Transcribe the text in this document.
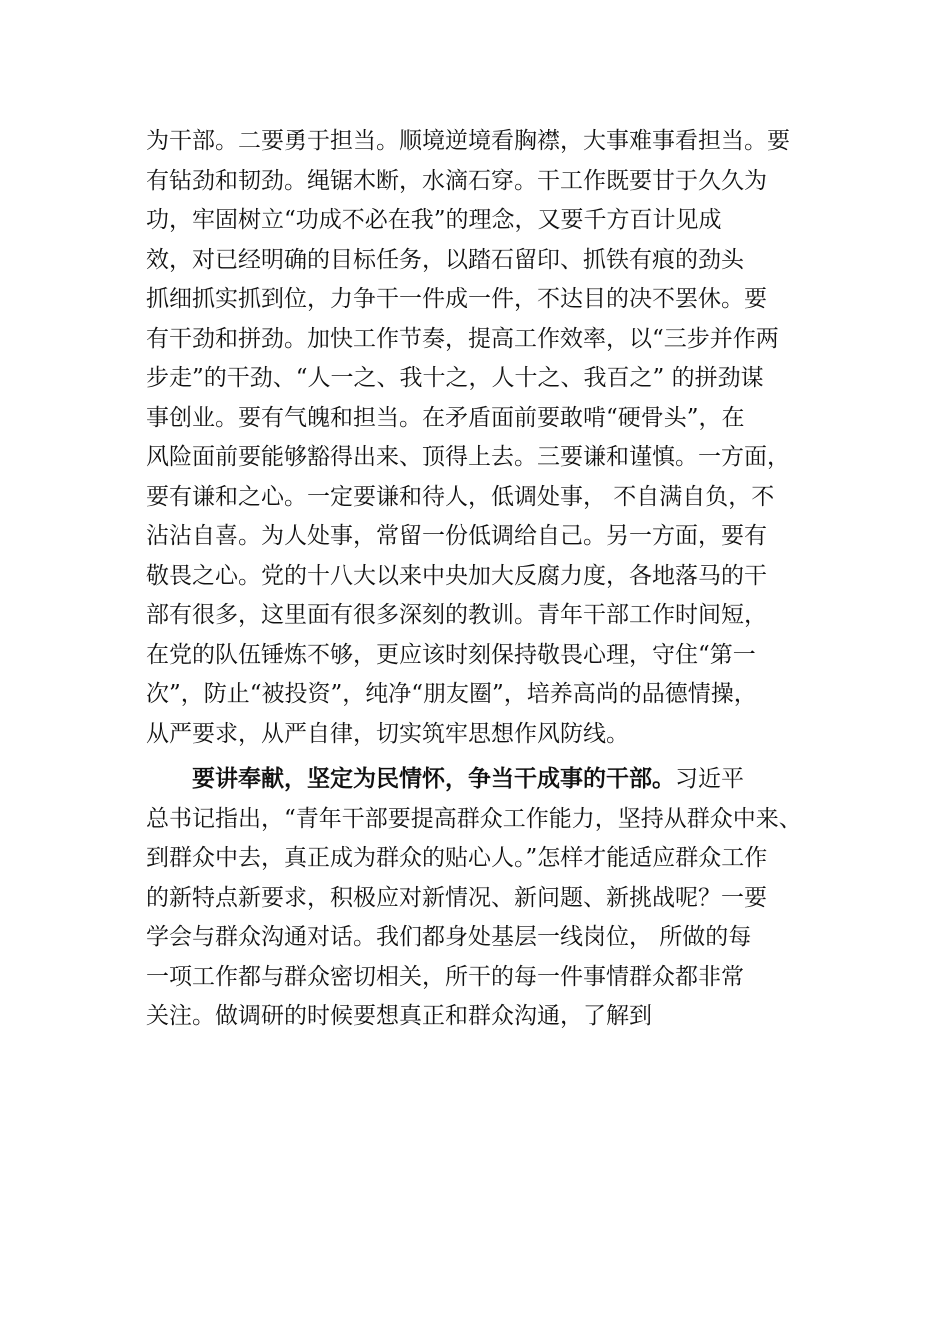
为干部。二要勇于担当。顺境逆境看胸襟，大事难事看担当。要
有钻劲和韧劲。绳锯木断，水滴石穿。干工作既要甘于久久为
功，牢固树立“功成不必在我”的理念，又要千方百计见成
效，对已经明确的目标任务，以踏石留印、抓铁有痕的劲头
抓细抓实抓到位，力争干一件成一件，不达目的决不罢休。要
有干劲和拼劲。加快工作节奏，提高工作效率，以“三步并作两
步走”的干劲、“人一之、我十之，人十之、我百之” 的拼劲谋
事创业。要有气魄和担当。在矛盾面前要敢啃“硬骨头”，在
风险面前要能够豁得出来、顶得上去。三要谦和谨慎。一方面，
要有谦和之心。一定要谦和待人，低调处事， 不自满自负，不
沾沾自喜。为人处事，常留一份低调给自己。另一方面，要有
敬畏之心。党的十八大以来中央加大反腐力度，各地落马的干
部有很多，这里面有很多深刻的教训。青年干部工作时间短，
在党的队伍锤炼不够，更应该时刻保持敬畏心理，守住“第一
次”，防止“被投资”，纯净“朋友圈”，培养高尚的品德情操，
从严要求，从严自律，切实筑牢思想作风防线。
　　要讲奉献，坚定为民情怀，争当干成事的干部。习近平
总书记指出，“青年干部要提高群众工作能力，坚持从群众中来、
到群众中去，真正成为群众的贴心人。”怎样才能适应群众工作
的新特点新要求，积极应对新情况、新问题、新挑战呢？一要
学会与群众沟通对话。我们都身处基层一线岗位， 所做的每
一项工作都与群众密切相关，所干的每一件事情群众都非常
关注。做调研的时候要想真正和群众沟通，了解到
